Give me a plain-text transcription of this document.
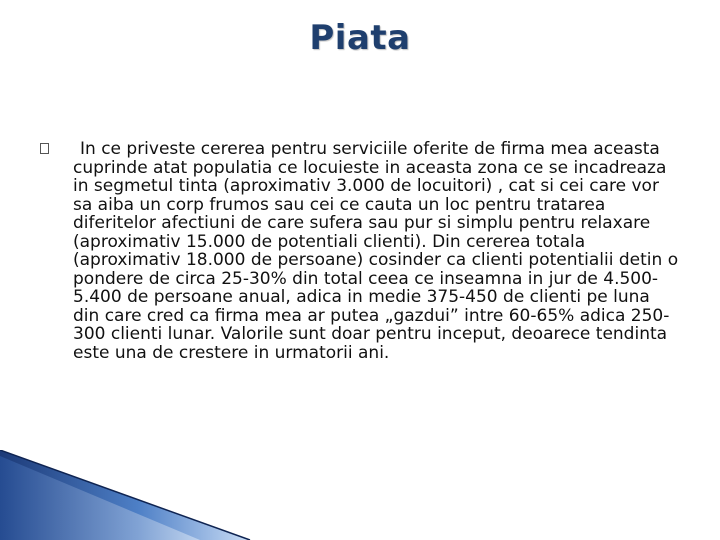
Piata
In ce priveste cererea pentru serviciile oferite de firma mea aceasta cuprinde atat populatia ce locuieste in aceasta zona ce se incadreaza in segmetul tinta (aproximativ 3.000 de locuitori) , cat si cei care vor sa aiba un corp frumos sau cei ce cauta un loc pentru tratarea diferitelor afectiuni de care sufera sau pur si simplu pentru relaxare (aproximativ 15.000 de potentiali clienti). Din cererea totala (aproximativ 18.000 de persoane) cosinder ca clienti potentialii detin o pondere de circa 25-30% din total ceea ce inseamna in jur de 4.500-5.400 de persoane anual, adica in medie 375-450 de clienti pe luna din care cred ca firma mea ar putea „gazdui” intre 60-65% adica 250-300 clienti lunar. Valorile sunt doar pentru inceput, deoarece tendinta este una de crestere in urmatorii ani.
